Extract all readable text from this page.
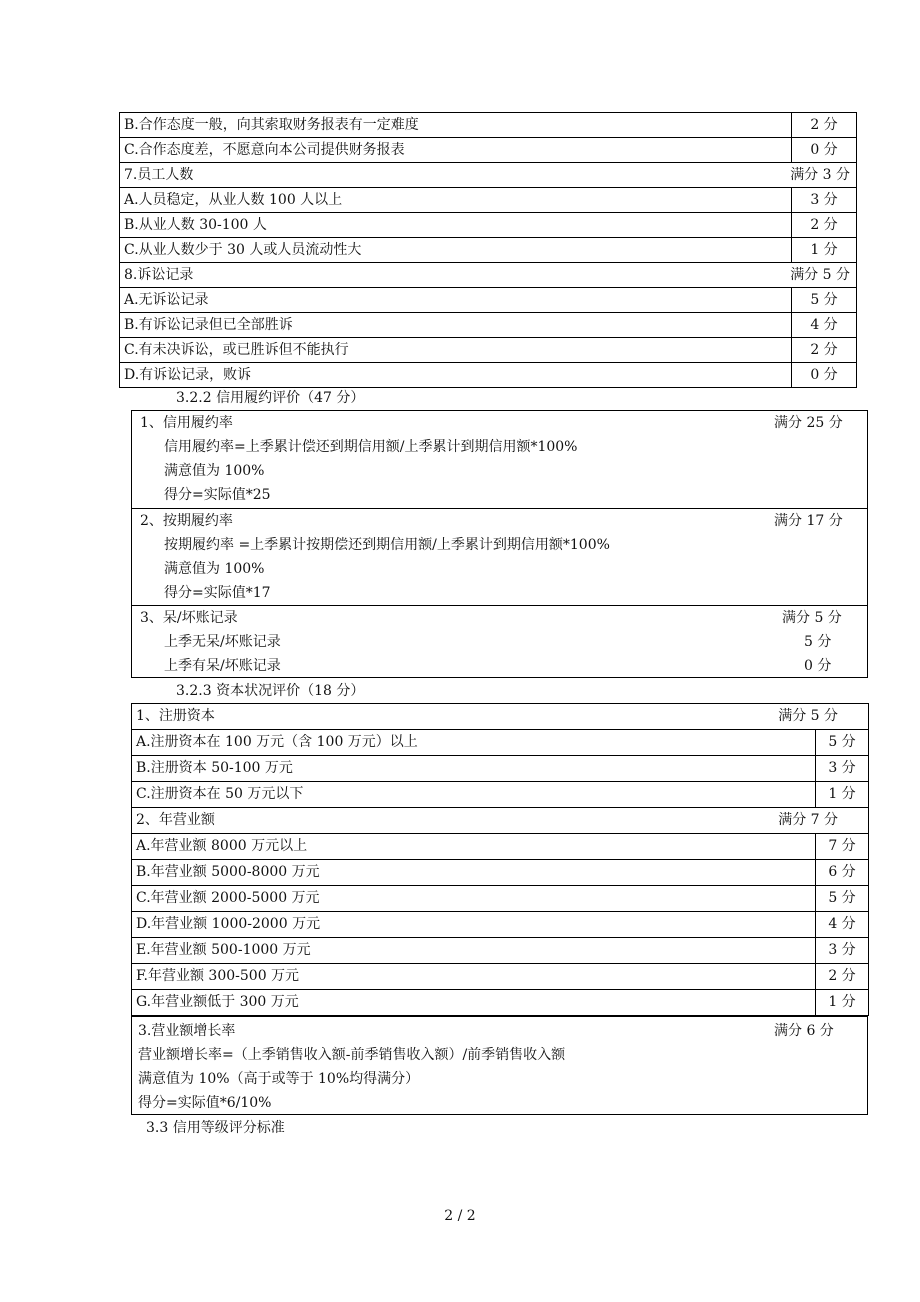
B.合作态度一般，向其索取财务报表有一定难度	2 分
C.合作态度差，不愿意向本公司提供财务报表	0 分
7.员工人数 满分 3 分	

A.人员稳定，从业人数 100 人以上	3 分
B.从业人数 30-100 人	2 分
C.从业人数少于 30 人或人员流动性大	1 分
8.诉讼记录 满分 5 分	

A.无诉讼记录	5 分
B.有诉讼记录但已全部胜诉	4 分
C.有未决诉讼，或已胜诉但不能执行	2 分
D.有诉讼记录，败诉	0 分
3.2.2 信用履约评价（47 分）
1、信用履约率	满分 25 分
信用履约率=上季累计偿还到期信用额/上季累计到期信用额*100%
满意值为 100%
得分=实际值*25
2、按期履约率	满分 17 分
按期履约率 =上季累计按期偿还到期信用额/上季累计到期信用额*100%
满意值为 100%
得分=实际值*17
3、呆/坏账记录	满分 5 分
上季无呆/坏账记录	5 分
上季有呆/坏账记录	0 分
3.2.3 资本状况评价（18 分）
1、注册资本 满分 5 分	

A.注册资本在 100 万元（含 100 万元）以上	5 分
B.注册资本 50-100 万元	3 分
C.注册资本在 50 万元以下	1 分
2、年营业额 满分 7 分	

A.年营业额 8000 万元以上	7 分
B.年营业额 5000-8000 万元	6 分
C.年营业额 2000-5000 万元	5 分
D.年营业额 1000-2000 万元	4 分
E.年营业额 500-1000 万元	3 分
F.年营业额 300-500 万元	2 分
G.年营业额低于 300 万元	1 分
3.营业额增长率	满分 6 分
营业额增长率=（上季销售收入额-前季销售收入额）/前季销售收入额
满意值为 10%（高于或等于 10%均得满分）
得分=实际值*6/10%
3.3 信用等级评分标准
2 / 2
